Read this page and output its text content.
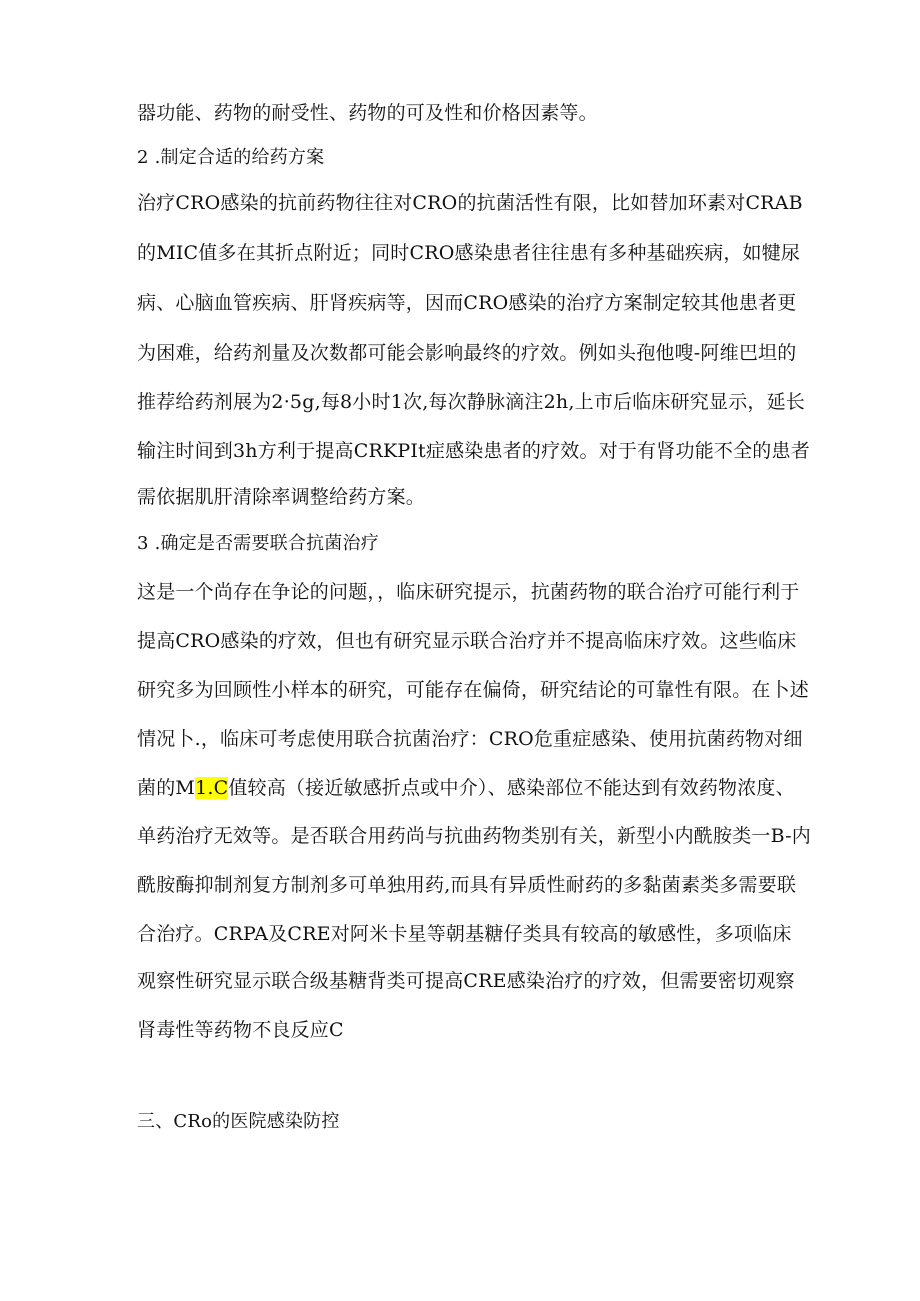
器功能、药物的耐受性、药物的可及性和价格因素等。
2 .制定合适的给药方案
治疗CRO感染的抗前药物往往对CRO的抗菌活性有限，比如替加环素对CRAB
的MIC值多在其折点附近；同时CRO感染患者往往患有多种基础疾病，如犍尿
病、心脑血管疾病、肝肾疾病等，因而CRO感染的治疗方案制定较其他患者更
为困难，给药剂量及次数都可能会影响最终的疗效。例如头孢他嗖-阿维巴坦的
推荐给药剂展为2·5g,每8小时1次,每次静脉滴注2h,上市后临床研究显示，延长
输注时间到3h方利于提高CRKPIt症感染患者的疗效。对于有肾功能不全的患者
需依据肌肝清除率调整给药方案。
3 .确定是否需要联合抗菌治疗
这是一个尚存在争论的问题，，临床研究提示，抗菌药物的联合治疗可能行利于
提高CRO感染的疗效，但也有研究显示联合治疗并不提高临床疗效。这些临床
研究多为回顾性小样本的研究，可能存在偏倚，研究结论的可靠性有限。在卜述
情况卜.，临床可考虑使用联合抗菌治疗：CRO危重症感染、使用抗菌药物对细
菌的M1.C值较高（接近敏感折点或中介）、感染部位不能达到有效药物浓度、
单药治疗无效等。是否联合用药尚与抗曲药物类别有关，新型小内酰胺类一B-内
酰胺酶抑制剂复方制剂多可单独用药,而具有异质性耐药的多黏菌素类多需要联
合治疗。CRPA及CRE对阿米卡星等朝基糖仔类具有较高的敏感性，多项临床
观察性研究显示联合级基糖背类可提高CRE感染治疗的疗效，但需要密切观察
肾毒性等药物不良反应C
三、CRo的医院感染防控
